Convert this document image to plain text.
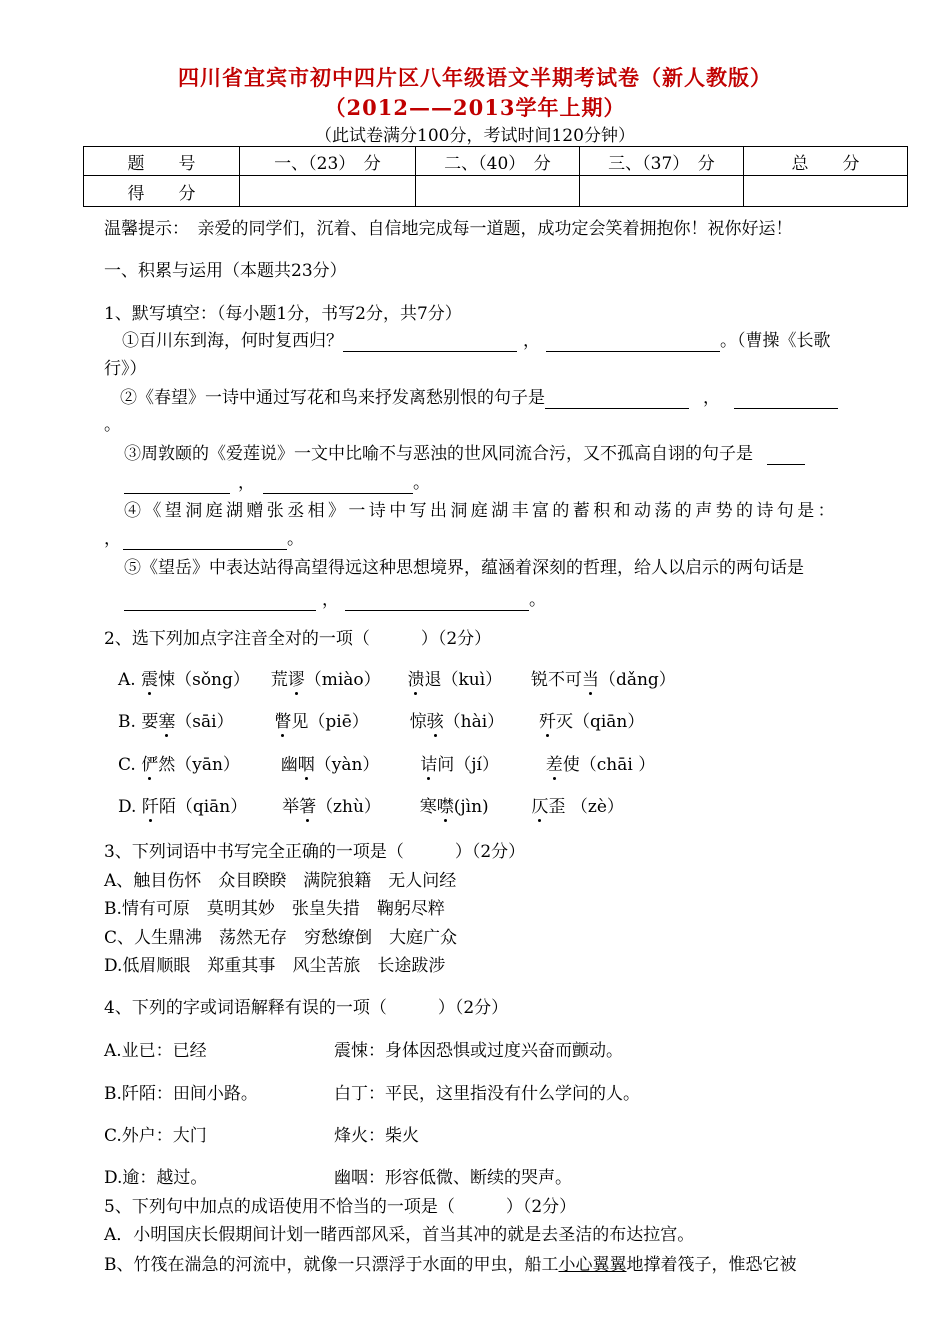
四川省宜宾市初中四片区八年级语文半期考试卷（新人教版）
（2012——2013学年上期）
（此试卷满分100分，考试时间120分钟）
题　　号	一、（23）　分	二、（40）　分	三、（37）　分	总　　分
得　　分				
温馨提示：　亲爱的同学们，沉着、自信地完成每一道题，成功定会笑着拥抱你！祝你好运！
一、积累与运用（本题共23分）
1、默写填空：（每小题1分，书写2分，共7分）
①百川东到海，何时复西归？	，	。（曹操《长歌
行》）
②《春望》一诗中通过写花和鸟来抒发离愁别恨的句子是	，
。
③周敦颐的《爱莲说》一文中比喻不与恶浊的世风同流合污，又不孤高自诩的句子是
，	。
④《望洞庭湖赠张丞相》一诗中写出洞庭湖丰富的蓄积和动荡的声势的诗句是：
，	。
⑤《望岳》中表达站得高望得远这种思想境界，蕴涵着深刻的哲理，给人以启示的两句话是
，	。
2、选下列加点字注音全对的一项（　　　）（2分）
A. 震悚（sǒng） 荒谬（miào） 溃退（kuì） 锐不可当（dǎng）
B. 要塞（sāi） 瞥见（piē） 惊骇（hài） 歼灭（qiān）
C. 俨然（yān） 幽咽（yàn） 诘问（jí）	差使（chāi ）
D. 阡陌（qiān） 举箸（zhù） 寒噤(jìn)	仄歪 （zè）
3、下列词语中书写完全正确的一项是（　　　）（2分）
A、触目伤怀　众目睽睽　满院狼籍　无人问经
B.情有可原　莫明其妙　张皇失措　鞠躬尽粹
C、人生鼎沸　荡然无存　穷愁缭倒　大庭广众
D.低眉顺眼　郑重其事　风尘苦旅　长途跋涉
4、下列的字或词语解释有误的一项（　　　）（2分）
A.业已：已经	震悚：身体因恐惧或过度兴奋而颤动。
B.阡陌：田间小路。	白丁：平民，这里指没有什么学问的人。
C.外户：大门	烽火：柴火
D.逾：越过。	幽咽：形容低微、断续的哭声。
5、下列句中加点的成语使用不恰当的一项是（　　　）（2分）
A．小明国庆长假期间计划一睹西部风采，首当其冲的就是去圣洁的布达拉宫。
B、竹筏在湍急的河流中，就像一只漂浮于水面的甲虫，船工小心翼翼地撑着筏子，惟恐它被
